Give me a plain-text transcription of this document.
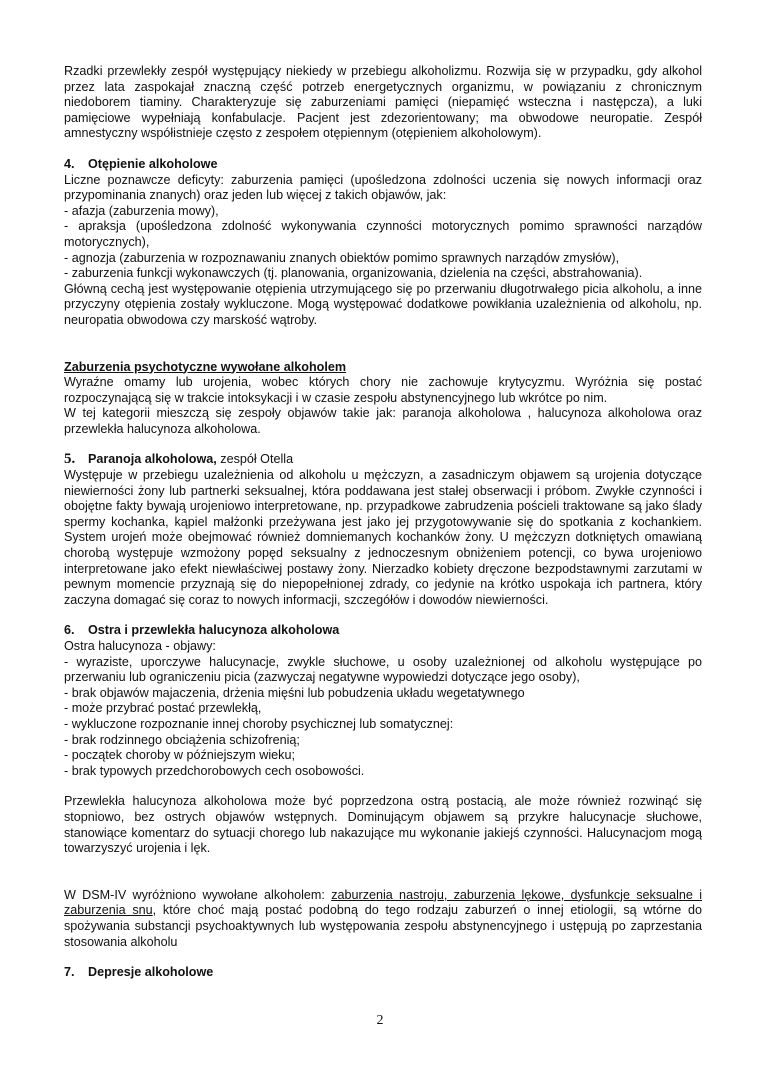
Rzadki przewlekły zespół występujący niekiedy w przebiegu alkoholizmu. Rozwija się w przypadku, gdy alkohol przez lata zaspokajał znaczną część potrzeb energetycznych organizmu, w powiązaniu z chronicznym niedoborem tiaminy. Charakteryzuje się zaburzeniami pamięci (niepamięć wsteczna i następcza), a luki pamięciowe wypełniają konfabulacje. Pacjent jest zdezorientowany; ma obwodowe neuropatie. Zespół amnestyczny współistnieje często z zespołem otępiennym (otępieniem alkoholowym).

4. Otępienie alkoholowe

Liczne poznawcze deficyty: zaburzenia pamięci (upośledzona zdolności uczenia się nowych informacji oraz przypominania znanych) oraz jeden lub więcej z takich objawów, jak:

- afazja (zaburzenia mowy),

- apraksja (upośledzona zdolność wykonywania czynności motorycznych pomimo sprawności narządów motorycznych),

- agnozja (zaburzenia w rozpoznawaniu znanych obiektów pomimo sprawnych narządów zmysłów),

- zaburzenia funkcji wykonawczych (tj. planowania, organizowania, dzielenia na części, abstrahowania).

Główną cechą jest występowanie otępienia utrzymującego się po przerwaniu długotrwałego picia alkoholu, a inne przyczyny otępienia zostały wykluczone. Mogą występować dodatkowe powikłania uzależnienia od alkoholu, np. neuropatia obwodowa czy marskość wątroby.

Zaburzenia psychotyczne wywołane alkoholem

Wyraźne omamy lub urojenia, wobec których chory nie zachowuje krytycyzmu. Wyróżnia się postać rozpoczynającą się w trakcie intoksykacji i w czasie zespołu abstynencyjnego lub wkrótce po nim.

W tej kategorii mieszczą się zespoły objawów takie jak: paranoja alkoholowa , halucynoza alkoholowa oraz przewlekła halucynoza alkoholowa.

5. Paranoja alkoholowa, zespół Otella

Występuje w przebiegu uzależnienia od alkoholu u mężczyzn, a zasadniczym objawem są urojenia dotyczące niewierności żony lub partnerki seksualnej, która poddawana jest stałej obserwacji i próbom. Zwykłe czynności i obojętne fakty bywają urojeniowo interpretowane, np. przypadkowe zabrudzenia pościeli traktowane są jako ślady spermy kochanka, kąpiel małżonki przeżywana jest jako jej przygotowywanie się do spotkania z kochankiem. System urojeń może obejmować również domniemanych kochanków żony. U mężczyzn dotkniętych omawianą chorobą występuje wzmożony popęd seksualny z jednoczesnym obniżeniem potencji, co bywa urojeniowo interpretowane jako efekt niewłaściwej postawy żony. Nierzadko kobiety dręczone bezpodstawnymi zarzutami w pewnym momencie przyznają się do niepopełnionej zdrady, co jedynie na krótko uspokaja ich partnera, który zaczyna domagać się coraz to nowych informacji, szczegółów i dowodów niewierności.

6. Ostra i przewlekła halucynoza alkoholowa

Ostra halucynoza - objawy:

- wyraziste, uporczywe halucynacje, zwykle słuchowe, u osoby uzależnionej od alkoholu występujące po przerwaniu lub ograniczeniu picia (zazwyczaj negatywne wypowiedzi dotyczące jego osoby),

- brak objawów majaczenia, drżenia mięśni lub pobudzenia układu wegetatywnego

- może przybrać postać przewlekłą,

- wykluczone rozpoznanie innej choroby psychicznej lub somatycznej:

- brak rodzinnego obciążenia schizofrenią;

- początek choroby w późniejszym wieku;

- brak typowych przedchorobowych cech osobowości.

Przewlekła halucynoza alkoholowa może być poprzedzona ostrą postacią, ale może również rozwinąć się stopniowo, bez ostrych objawów wstępnych. Dominującym objawem są przykre halucynacje słuchowe, stanowiące komentarz do sytuacji chorego lub nakazujące mu wykonanie jakiejś czynności. Halucynacjom mogą towarzyszyć urojenia i lęk.

W DSM-IV wyróżniono wywołane alkoholem: zaburzenia nastroju, zaburzenia lękowe, dysfunkcje seksualne i zaburzenia snu, które choć mają postać podobną do tego rodzaju zaburzeń o innej etiologii, są wtórne do spożywania substancji psychoaktywnych lub występowania zespołu abstynencyjnego i ustępują po zaprzestania stosowania alkoholu

7. Depresje alkoholowe

2
